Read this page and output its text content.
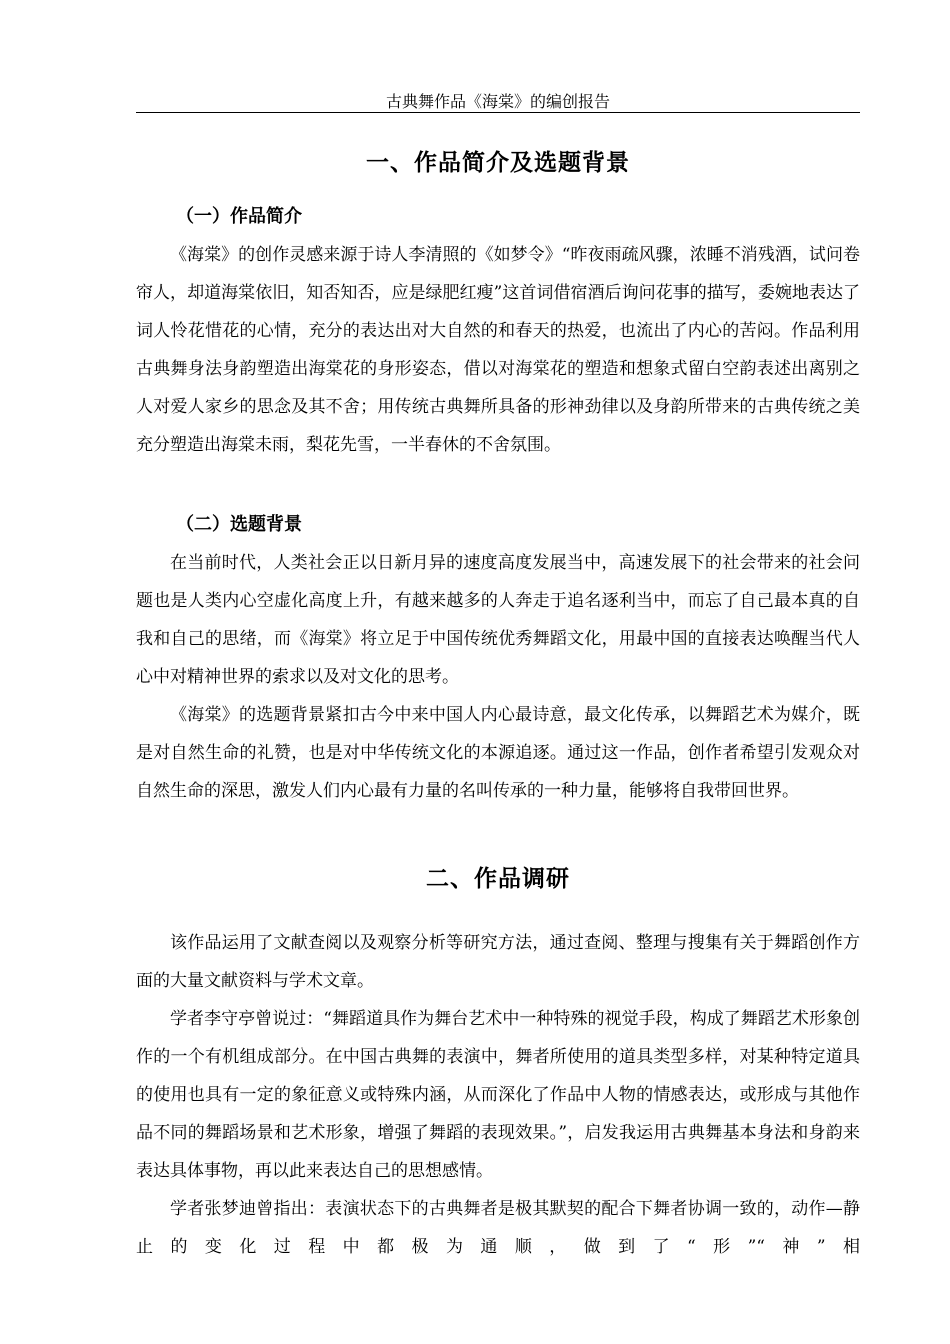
古典舞作品《海棠》的编创报告
一、作品简介及选题背景
（一）作品简介
《海棠》的创作灵感来源于诗人李清照的《如梦令》“昨夜雨疏风骤，浓睡不消残酒，试问卷帘人，却道海棠依旧，知否知否，应是绿肥红瘦”这首词借宿酒后询问花事的描写，委婉地表达了词人怜花惜花的心情，充分的表达出对大自然的和春天的热爱，也流出了内心的苦闷。作品利用古典舞身法身韵塑造出海棠花的身形姿态，借以对海棠花的塑造和想象式留白空韵表述出离别之人对爱人家乡的思念及其不舍；用传统古典舞所具备的形神劲律以及身韵所带来的古典传统之美充分塑造出海棠未雨，梨花先雪，一半春休的不舍氛围。
（二）选题背景
在当前时代，人类社会正以日新月异的速度高度发展当中，高速发展下的社会带来的社会问题也是人类内心空虚化高度上升，有越来越多的人奔走于追名逐利当中，而忘了自己最本真的自我和自己的思绪，而《海棠》将立足于中国传统优秀舞蹈文化，用最中国的直接表达唤醒当代人心中对精神世界的索求以及对文化的思考。
《海棠》的选题背景紧扣古今中来中国人内心最诗意，最文化传承，以舞蹈艺术为媒介，既是对自然生命的礼赞，也是对中华传统文化的本源追逐。通过这一作品，创作者希望引发观众对自然生命的深思，激发人们内心最有力量的名叫传承的一种力量，能够将自我带回世界。
二、作品调研
该作品运用了文献查阅以及观察分析等研究方法，通过查阅、整理与搜集有关于舞蹈创作方面的大量文献资料与学术文章。
学者李守亭曾说过：“舞蹈道具作为舞台艺术中一种特殊的视觉手段，构成了舞蹈艺术形象创作的一个有机组成部分。在中国古典舞的表演中，舞者所使用的道具类型多样，对某种特定道具的使用也具有一定的象征意义或特殊内涵，从而深化了作品中人物的情感表达，或形成与其他作品不同的舞蹈场景和艺术形象，增强了舞蹈的表现效果。”，启发我运用古典舞基本身法和身韵来表达具体事物，再以此来表达自己的思想感情。
学者张梦迪曾指出：表演状态下的古典舞者是极其默契的配合下舞者协调一致的，动作—静止的变化过程中都极为通顺，做到了“形”“神”相
